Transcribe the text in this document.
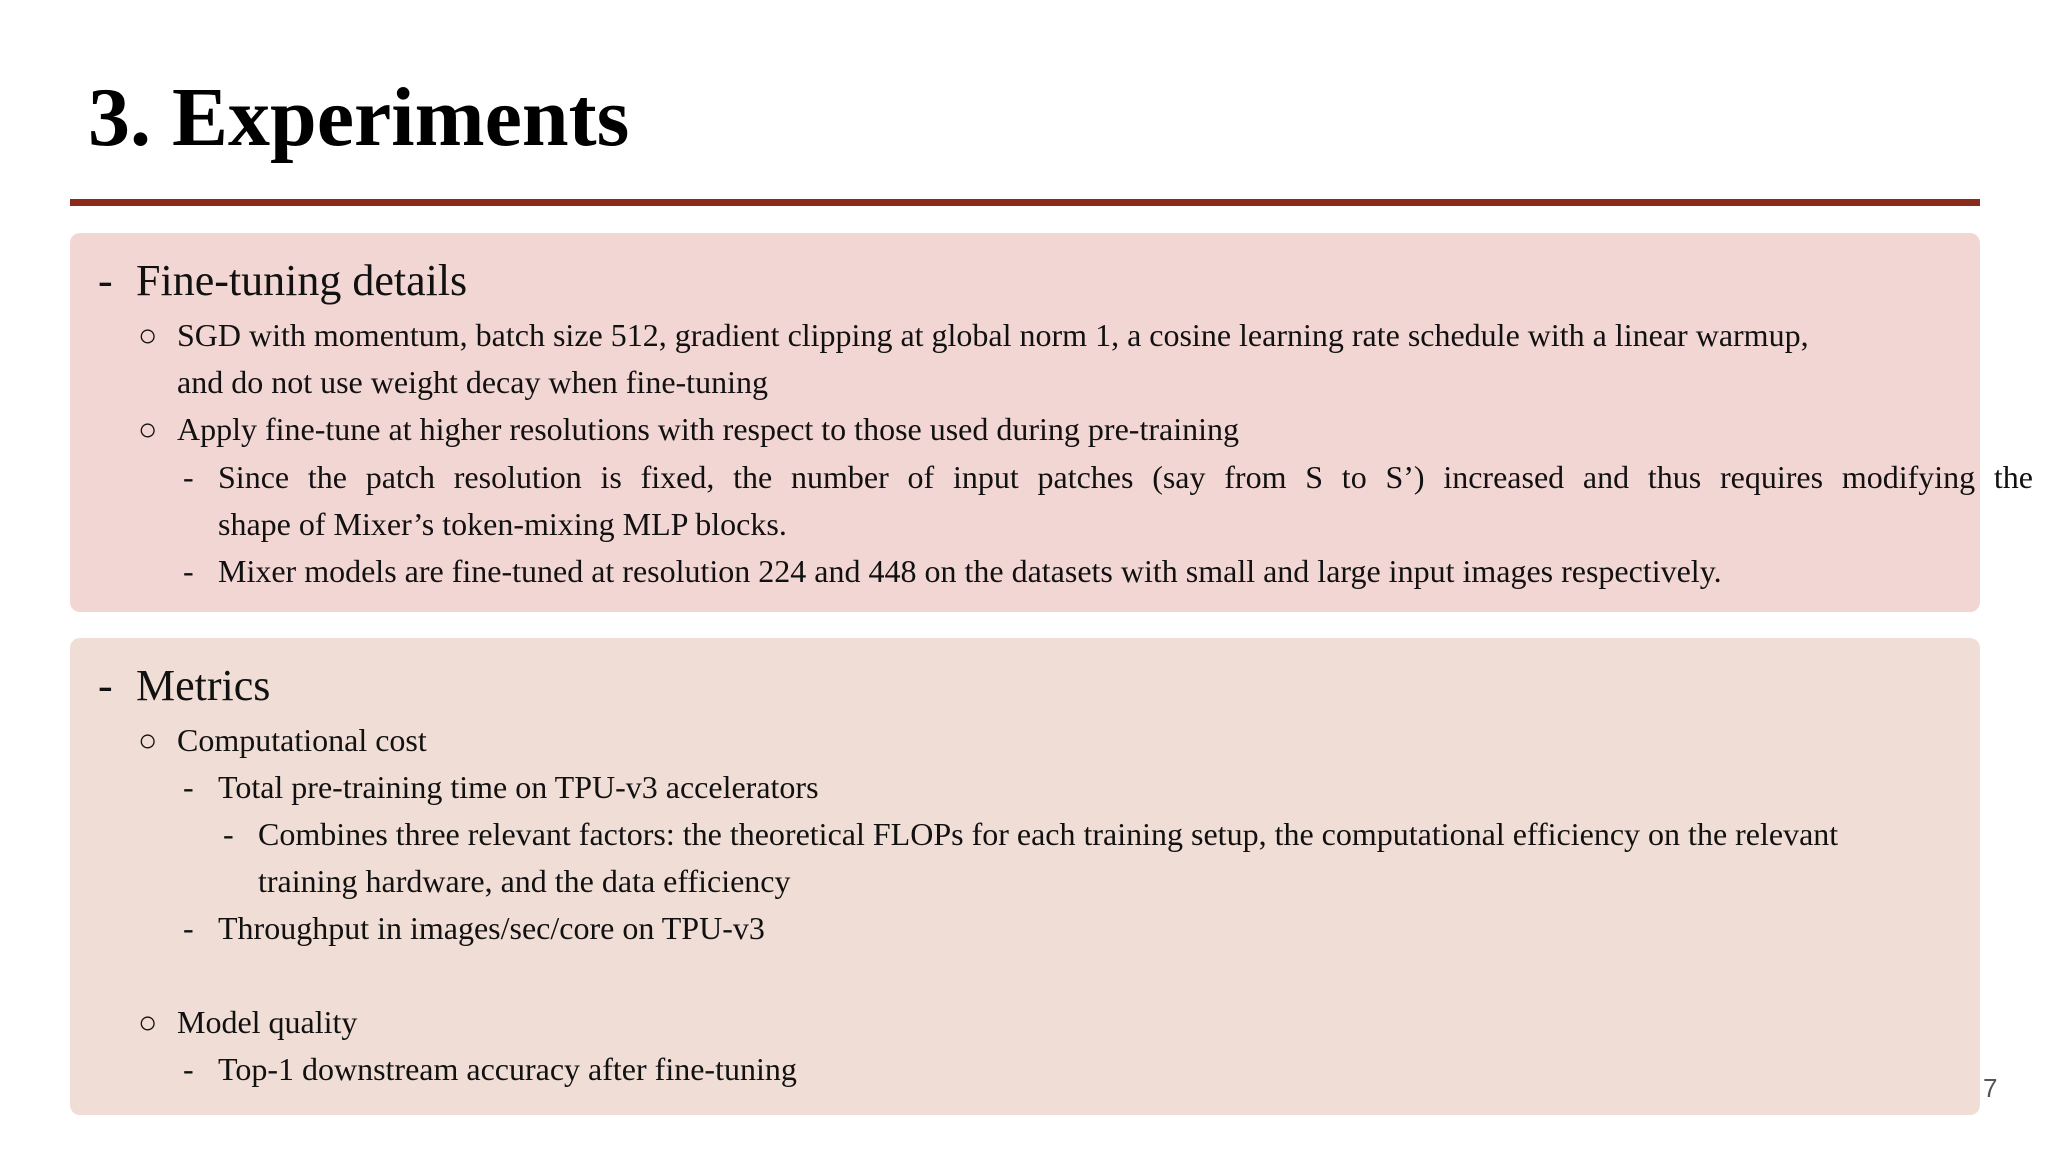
3. Experiments
- Fine-tuning details
○ SGD with momentum, batch size 512, gradient clipping at global norm 1, a cosine learning rate schedule with a linear warmup,
and do not use weight decay when fine-tuning
○ Apply fine-tune at higher resolutions with respect to those used during pre-training
- Since the patch resolution is fixed, the number of input patches (say from S to S’) increased and thus requires modifying the
shape of Mixer’s token-mixing MLP blocks.
- Mixer models are fine-tuned at resolution 224 and 448 on the datasets with small and large input images respectively.
- Metrics
○ Computational cost
- Total pre-training time on TPU-v3 accelerators
- Combines three relevant factors: the theoretical FLOPs for each training setup, the computational efficiency on the relevant
training hardware, and the data efficiency
- Throughput in images/sec/core on TPU-v3
○ Model quality
- Top-1 downstream accuracy after fine-tuning
7
